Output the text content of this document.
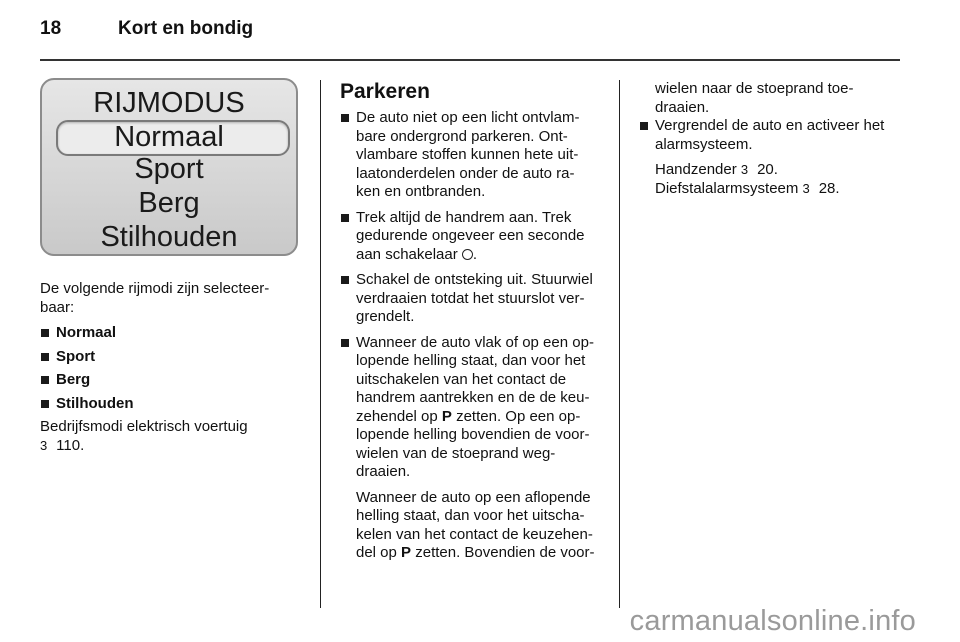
18	Kort en bondig
RIJMODUS
Normaal
Sport
Berg
Stilhouden

De volgende rijmodi zijn selecteer-
baar:

Normaal
Sport
Berg
Stilhouden

Bedrijfsmodi elektrisch voertuig
3 110.

Parkeren
De auto niet op een licht ontvlam-
bare ondergrond parkeren. Ont-
vlambare stoffen kunnen hete uit-
laatonderdelen onder de auto ra-
ken en ontbranden.
Trek altijd de handrem aan. Trek
gedurende ongeveer een seconde
aan schakelaar .
Schakel de ontsteking uit. Stuurwiel
verdraaien totdat het stuurslot ver-
grendelt.
Wanneer de auto vlak of op een op-
lopende helling staat, dan voor het
uitschakelen van het contact de
handrem aantrekken en de de keu-
zehendel op P zetten. Op een op-
lopende helling bovendien de voor-
wielen van de stoeprand weg-
draaien.

Wanneer de auto op een aflopende
helling staat, dan voor het uitscha-
kelen van het contact de keuzehen-
del op P zetten. Bovendien de voor-

wielen naar de stoeprand toe-
draaien.

Vergrendel de auto en activeer het
alarmsysteem.

Handzender 3 20.

Diefstalalarmsysteem 3 28.

carmanualsonline.info
